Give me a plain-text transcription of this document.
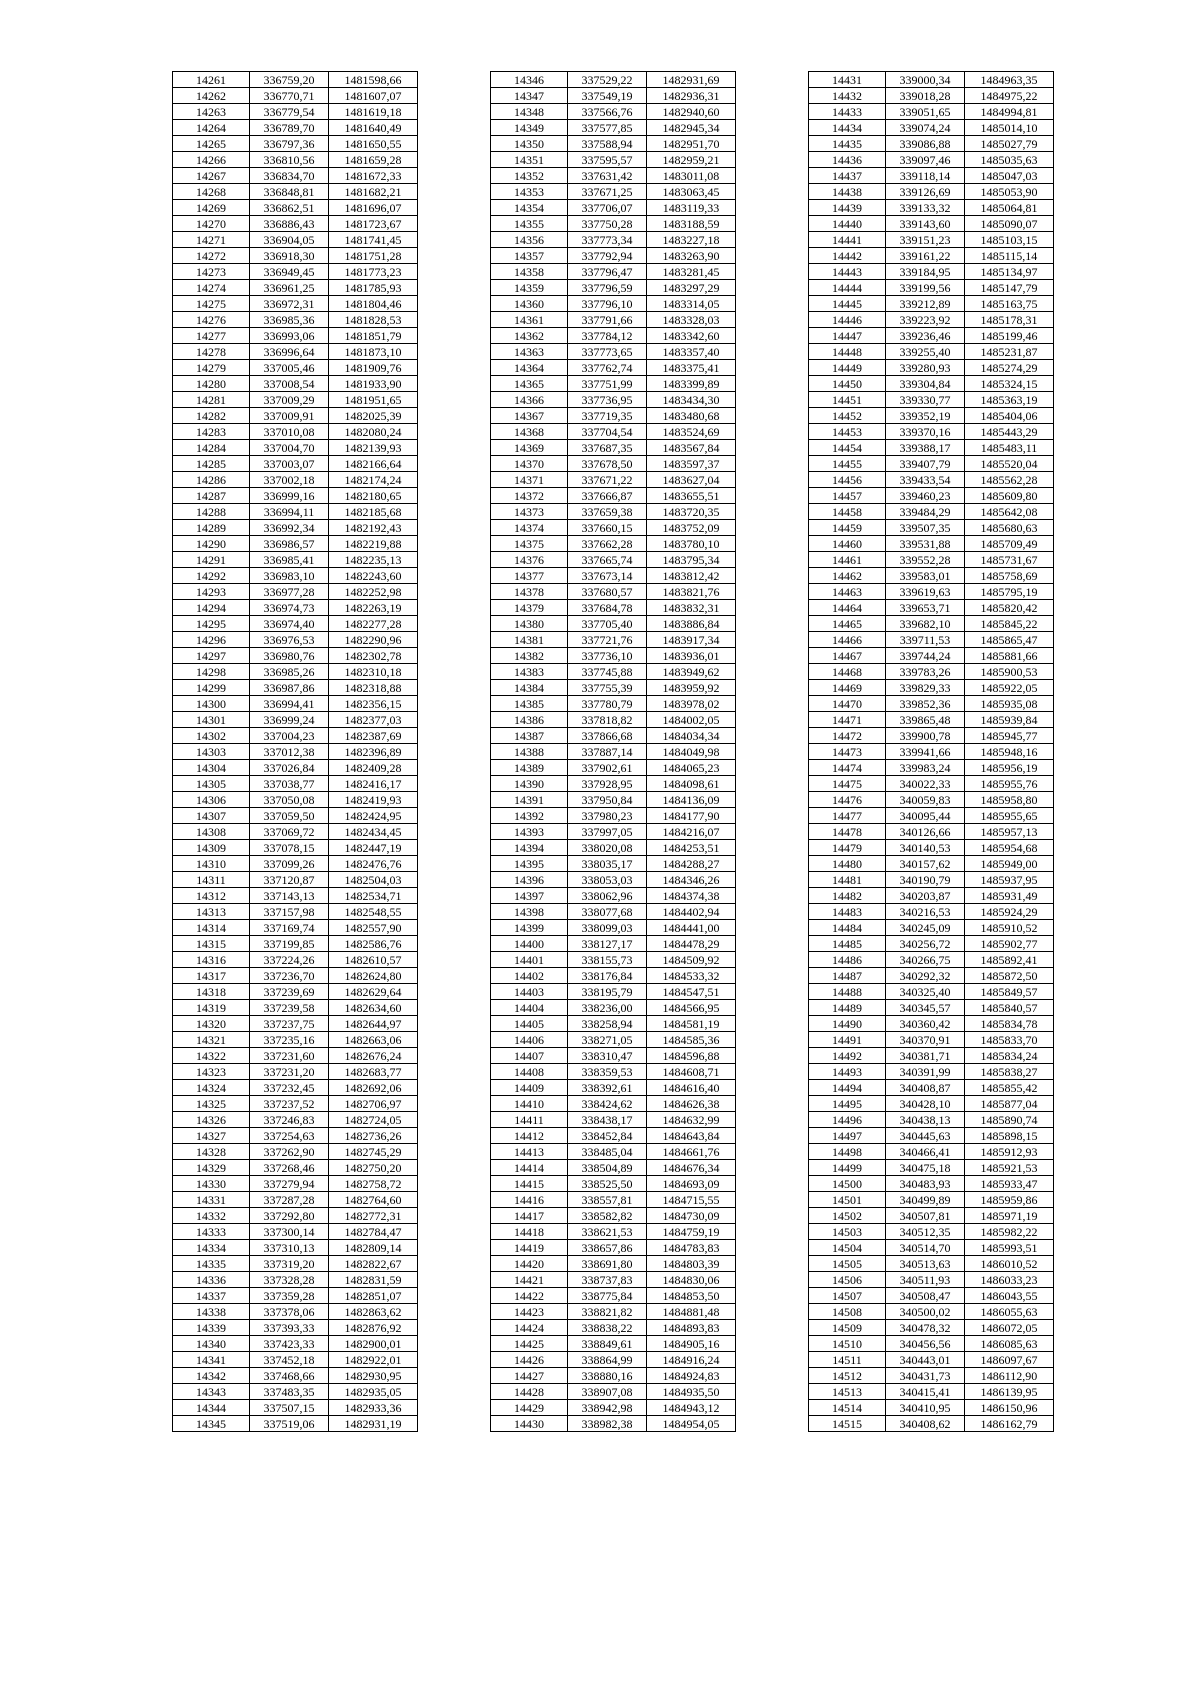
14261	336759,20	1481598,66
14262	336770,71	1481607,07
14263	336779,54	1481619,18
14264	336789,70	1481640,49
14265	336797,36	1481650,55
14266	336810,56	1481659,28
14267	336834,70	1481672,33
14268	336848,81	1481682,21
14269	336862,51	1481696,07
14270	336886,43	1481723,67
14271	336904,05	1481741,45
14272	336918,30	1481751,28
14273	336949,45	1481773,23
14274	336961,25	1481785,93
14275	336972,31	1481804,46
14276	336985,36	1481828,53
14277	336993,06	1481851,79
14278	336996,64	1481873,10
14279	337005,46	1481909,76
14280	337008,54	1481933,90
14281	337009,29	1481951,65
14282	337009,91	1482025,39
14283	337010,08	1482080,24
14284	337004,70	1482139,93
14285	337003,07	1482166,64
14286	337002,18	1482174,24
14287	336999,16	1482180,65
14288	336994,11	1482185,68
14289	336992,34	1482192,43
14290	336986,57	1482219,88
14291	336985,41	1482235,13
14292	336983,10	1482243,60
14293	336977,28	1482252,98
14294	336974,73	1482263,19
14295	336974,40	1482277,28
14296	336976,53	1482290,96
14297	336980,76	1482302,78
14298	336985,26	1482310,18
14299	336987,86	1482318,88
14300	336994,41	1482356,15
14301	336999,24	1482377,03
14302	337004,23	1482387,69
14303	337012,38	1482396,89
14304	337026,84	1482409,28
14305	337038,77	1482416,17
14306	337050,08	1482419,93
14307	337059,50	1482424,95
14308	337069,72	1482434,45
14309	337078,15	1482447,19
14310	337099,26	1482476,76
14311	337120,87	1482504,03
14312	337143,13	1482534,71
14313	337157,98	1482548,55
14314	337169,74	1482557,90
14315	337199,85	1482586,76
14316	337224,26	1482610,57
14317	337236,70	1482624,80
14318	337239,69	1482629,64
14319	337239,58	1482634,60
14320	337237,75	1482644,97
14321	337235,16	1482663,06
14322	337231,60	1482676,24
14323	337231,20	1482683,77
14324	337232,45	1482692,06
14325	337237,52	1482706,97
14326	337246,83	1482724,05
14327	337254,63	1482736,26
14328	337262,90	1482745,29
14329	337268,46	1482750,20
14330	337279,94	1482758,72
14331	337287,28	1482764,60
14332	337292,80	1482772,31
14333	337300,14	1482784,47
14334	337310,13	1482809,14
14335	337319,20	1482822,67
14336	337328,28	1482831,59
14337	337359,28	1482851,07
14338	337378,06	1482863,62
14339	337393,33	1482876,92
14340	337423,33	1482900,01
14341	337452,18	1482922,01
14342	337468,66	1482930,95
14343	337483,35	1482935,05
14344	337507,15	1482933,36
14345	337519,06	1482931,19
14346	337529,22	1482931,69
14347	337549,19	1482936,31
14348	337566,76	1482940,60
14349	337577,85	1482945,34
14350	337588,94	1482951,70
14351	337595,57	1482959,21
14352	337631,42	1483011,08
14353	337671,25	1483063,45
14354	337706,07	1483119,33
14355	337750,28	1483188,59
14356	337773,34	1483227,18
14357	337792,94	1483263,90
14358	337796,47	1483281,45
14359	337796,59	1483297,29
14360	337796,10	1483314,05
14361	337791,66	1483328,03
14362	337784,12	1483342,60
14363	337773,65	1483357,40
14364	337762,74	1483375,41
14365	337751,99	1483399,89
14366	337736,95	1483434,30
14367	337719,35	1483480,68
14368	337704,54	1483524,69
14369	337687,35	1483567,84
14370	337678,50	1483597,37
14371	337671,22	1483627,04
14372	337666,87	1483655,51
14373	337659,38	1483720,35
14374	337660,15	1483752,09
14375	337662,28	1483780,10
14376	337665,74	1483795,34
14377	337673,14	1483812,42
14378	337680,57	1483821,76
14379	337684,78	1483832,31
14380	337705,40	1483886,84
14381	337721,76	1483917,34
14382	337736,10	1483936,01
14383	337745,88	1483949,62
14384	337755,39	1483959,92
14385	337780,79	1483978,02
14386	337818,82	1484002,05
14387	337866,68	1484034,34
14388	337887,14	1484049,98
14389	337902,61	1484065,23
14390	337928,95	1484098,61
14391	337950,84	1484136,09
14392	337980,23	1484177,90
14393	337997,05	1484216,07
14394	338020,08	1484253,51
14395	338035,17	1484288,27
14396	338053,03	1484346,26
14397	338062,96	1484374,38
14398	338077,68	1484402,94
14399	338099,03	1484441,00
14400	338127,17	1484478,29
14401	338155,73	1484509,92
14402	338176,84	1484533,32
14403	338195,79	1484547,51
14404	338236,00	1484566,95
14405	338258,94	1484581,19
14406	338271,05	1484585,36
14407	338310,47	1484596,88
14408	338359,53	1484608,71
14409	338392,61	1484616,40
14410	338424,62	1484626,38
14411	338438,17	1484632,99
14412	338452,84	1484643,84
14413	338485,04	1484661,76
14414	338504,89	1484676,34
14415	338525,50	1484693,09
14416	338557,81	1484715,55
14417	338582,82	1484730,09
14418	338621,53	1484759,19
14419	338657,86	1484783,83
14420	338691,80	1484803,39
14421	338737,83	1484830,06
14422	338775,84	1484853,50
14423	338821,82	1484881,48
14424	338838,22	1484893,83
14425	338849,61	1484905,16
14426	338864,99	1484916,24
14427	338880,16	1484924,83
14428	338907,08	1484935,50
14429	338942,98	1484943,12
14430	338982,38	1484954,05
14431	339000,34	1484963,35
14432	339018,28	1484975,22
14433	339051,65	1484994,81
14434	339074,24	1485014,10
14435	339086,88	1485027,79
14436	339097,46	1485035,63
14437	339118,14	1485047,03
14438	339126,69	1485053,90
14439	339133,32	1485064,81
14440	339143,60	1485090,07
14441	339151,23	1485103,15
14442	339161,22	1485115,14
14443	339184,95	1485134,97
14444	339199,56	1485147,79
14445	339212,89	1485163,75
14446	339223,92	1485178,31
14447	339236,46	1485199,46
14448	339255,40	1485231,87
14449	339280,93	1485274,29
14450	339304,84	1485324,15
14451	339330,77	1485363,19
14452	339352,19	1485404,06
14453	339370,16	1485443,29
14454	339388,17	1485483,11
14455	339407,79	1485520,04
14456	339433,54	1485562,28
14457	339460,23	1485609,80
14458	339484,29	1485642,08
14459	339507,35	1485680,63
14460	339531,88	1485709,49
14461	339552,28	1485731,67
14462	339583,01	1485758,69
14463	339619,63	1485795,19
14464	339653,71	1485820,42
14465	339682,10	1485845,22
14466	339711,53	1485865,47
14467	339744,24	1485881,66
14468	339783,26	1485900,53
14469	339829,33	1485922,05
14470	339852,36	1485935,08
14471	339865,48	1485939,84
14472	339900,78	1485945,77
14473	339941,66	1485948,16
14474	339983,24	1485956,19
14475	340022,33	1485955,76
14476	340059,83	1485958,80
14477	340095,44	1485955,65
14478	340126,66	1485957,13
14479	340140,53	1485954,68
14480	340157,62	1485949,00
14481	340190,79	1485937,95
14482	340203,87	1485931,49
14483	340216,53	1485924,29
14484	340245,09	1485910,52
14485	340256,72	1485902,77
14486	340266,75	1485892,41
14487	340292,32	1485872,50
14488	340325,40	1485849,57
14489	340345,57	1485840,57
14490	340360,42	1485834,78
14491	340370,91	1485833,70
14492	340381,71	1485834,24
14493	340391,99	1485838,27
14494	340408,87	1485855,42
14495	340428,10	1485877,04
14496	340438,13	1485890,74
14497	340445,63	1485898,15
14498	340466,41	1485912,93
14499	340475,18	1485921,53
14500	340483,93	1485933,47
14501	340499,89	1485959,86
14502	340507,81	1485971,19
14503	340512,35	1485982,22
14504	340514,70	1485993,51
14505	340513,63	1486010,52
14506	340511,93	1486033,23
14507	340508,47	1486043,55
14508	340500,02	1486055,63
14509	340478,32	1486072,05
14510	340456,56	1486085,63
14511	340443,01	1486097,67
14512	340431,73	1486112,90
14513	340415,41	1486139,95
14514	340410,95	1486150,96
14515	340408,62	1486162,79
